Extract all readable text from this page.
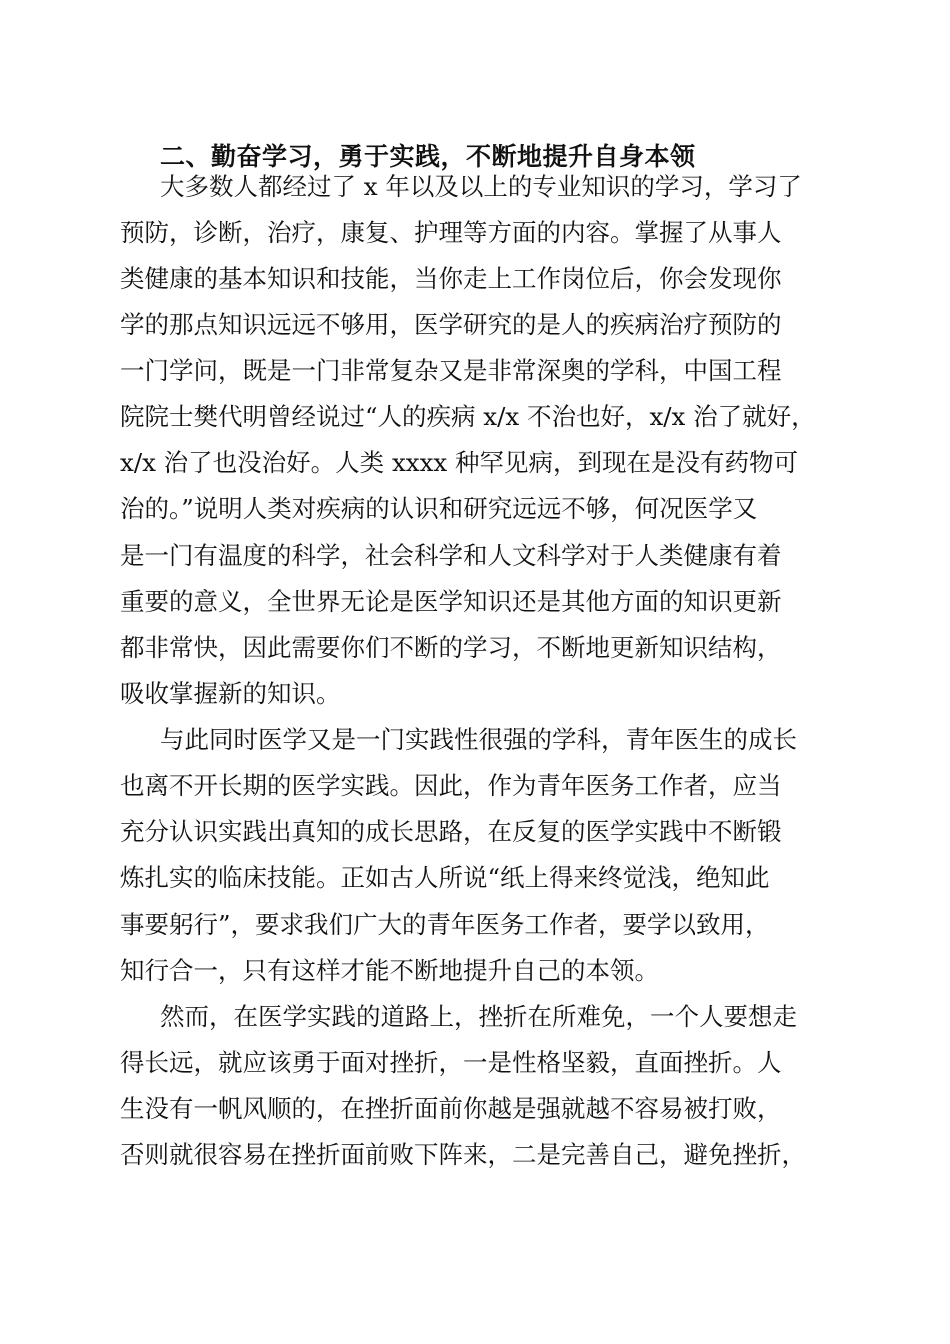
二、勤奋学习，勇于实践，不断地提升自身本领
大多数人都经过了 x 年以及以上的专业知识的学习，学习了
预防，诊断，治疗，康复、护理等方面的内容。掌握了从事人
类健康的基本知识和技能，当你走上工作岗位后，你会发现你
学的那点知识远远不够用，医学研究的是人的疾病治疗预防的
一门学问，既是一门非常复杂又是非常深奥的学科，中国工程
院院士樊代明曾经说过“人的疾病 x/x 不治也好，x/x 治了就好，
x/x 治了也没治好。人类 xxxx 种罕见病，到现在是没有药物可
治的。”说明人类对疾病的认识和研究远远不够，何况医学又
是一门有温度的科学，社会科学和人文科学对于人类健康有着
重要的意义，全世界无论是医学知识还是其他方面的知识更新
都非常快，因此需要你们不断的学习，不断地更新知识结构，
吸收掌握新的知识。
与此同时医学又是一门实践性很强的学科，青年医生的成长
也离不开长期的医学实践。因此，作为青年医务工作者，应当
充分认识实践出真知的成长思路，在反复的医学实践中不断锻
炼扎实的临床技能。正如古人所说“纸上得来终觉浅，绝知此
事要躬行”，要求我们广大的青年医务工作者，要学以致用，
知行合一，只有这样才能不断地提升自己的本领。
然而，在医学实践的道路上，挫折在所难免，一个人要想走
得长远，就应该勇于面对挫折，一是性格坚毅，直面挫折。人
生没有一帆风顺的，在挫折面前你越是强就越不容易被打败，
否则就很容易在挫折面前败下阵来，二是完善自己，避免挫折，
